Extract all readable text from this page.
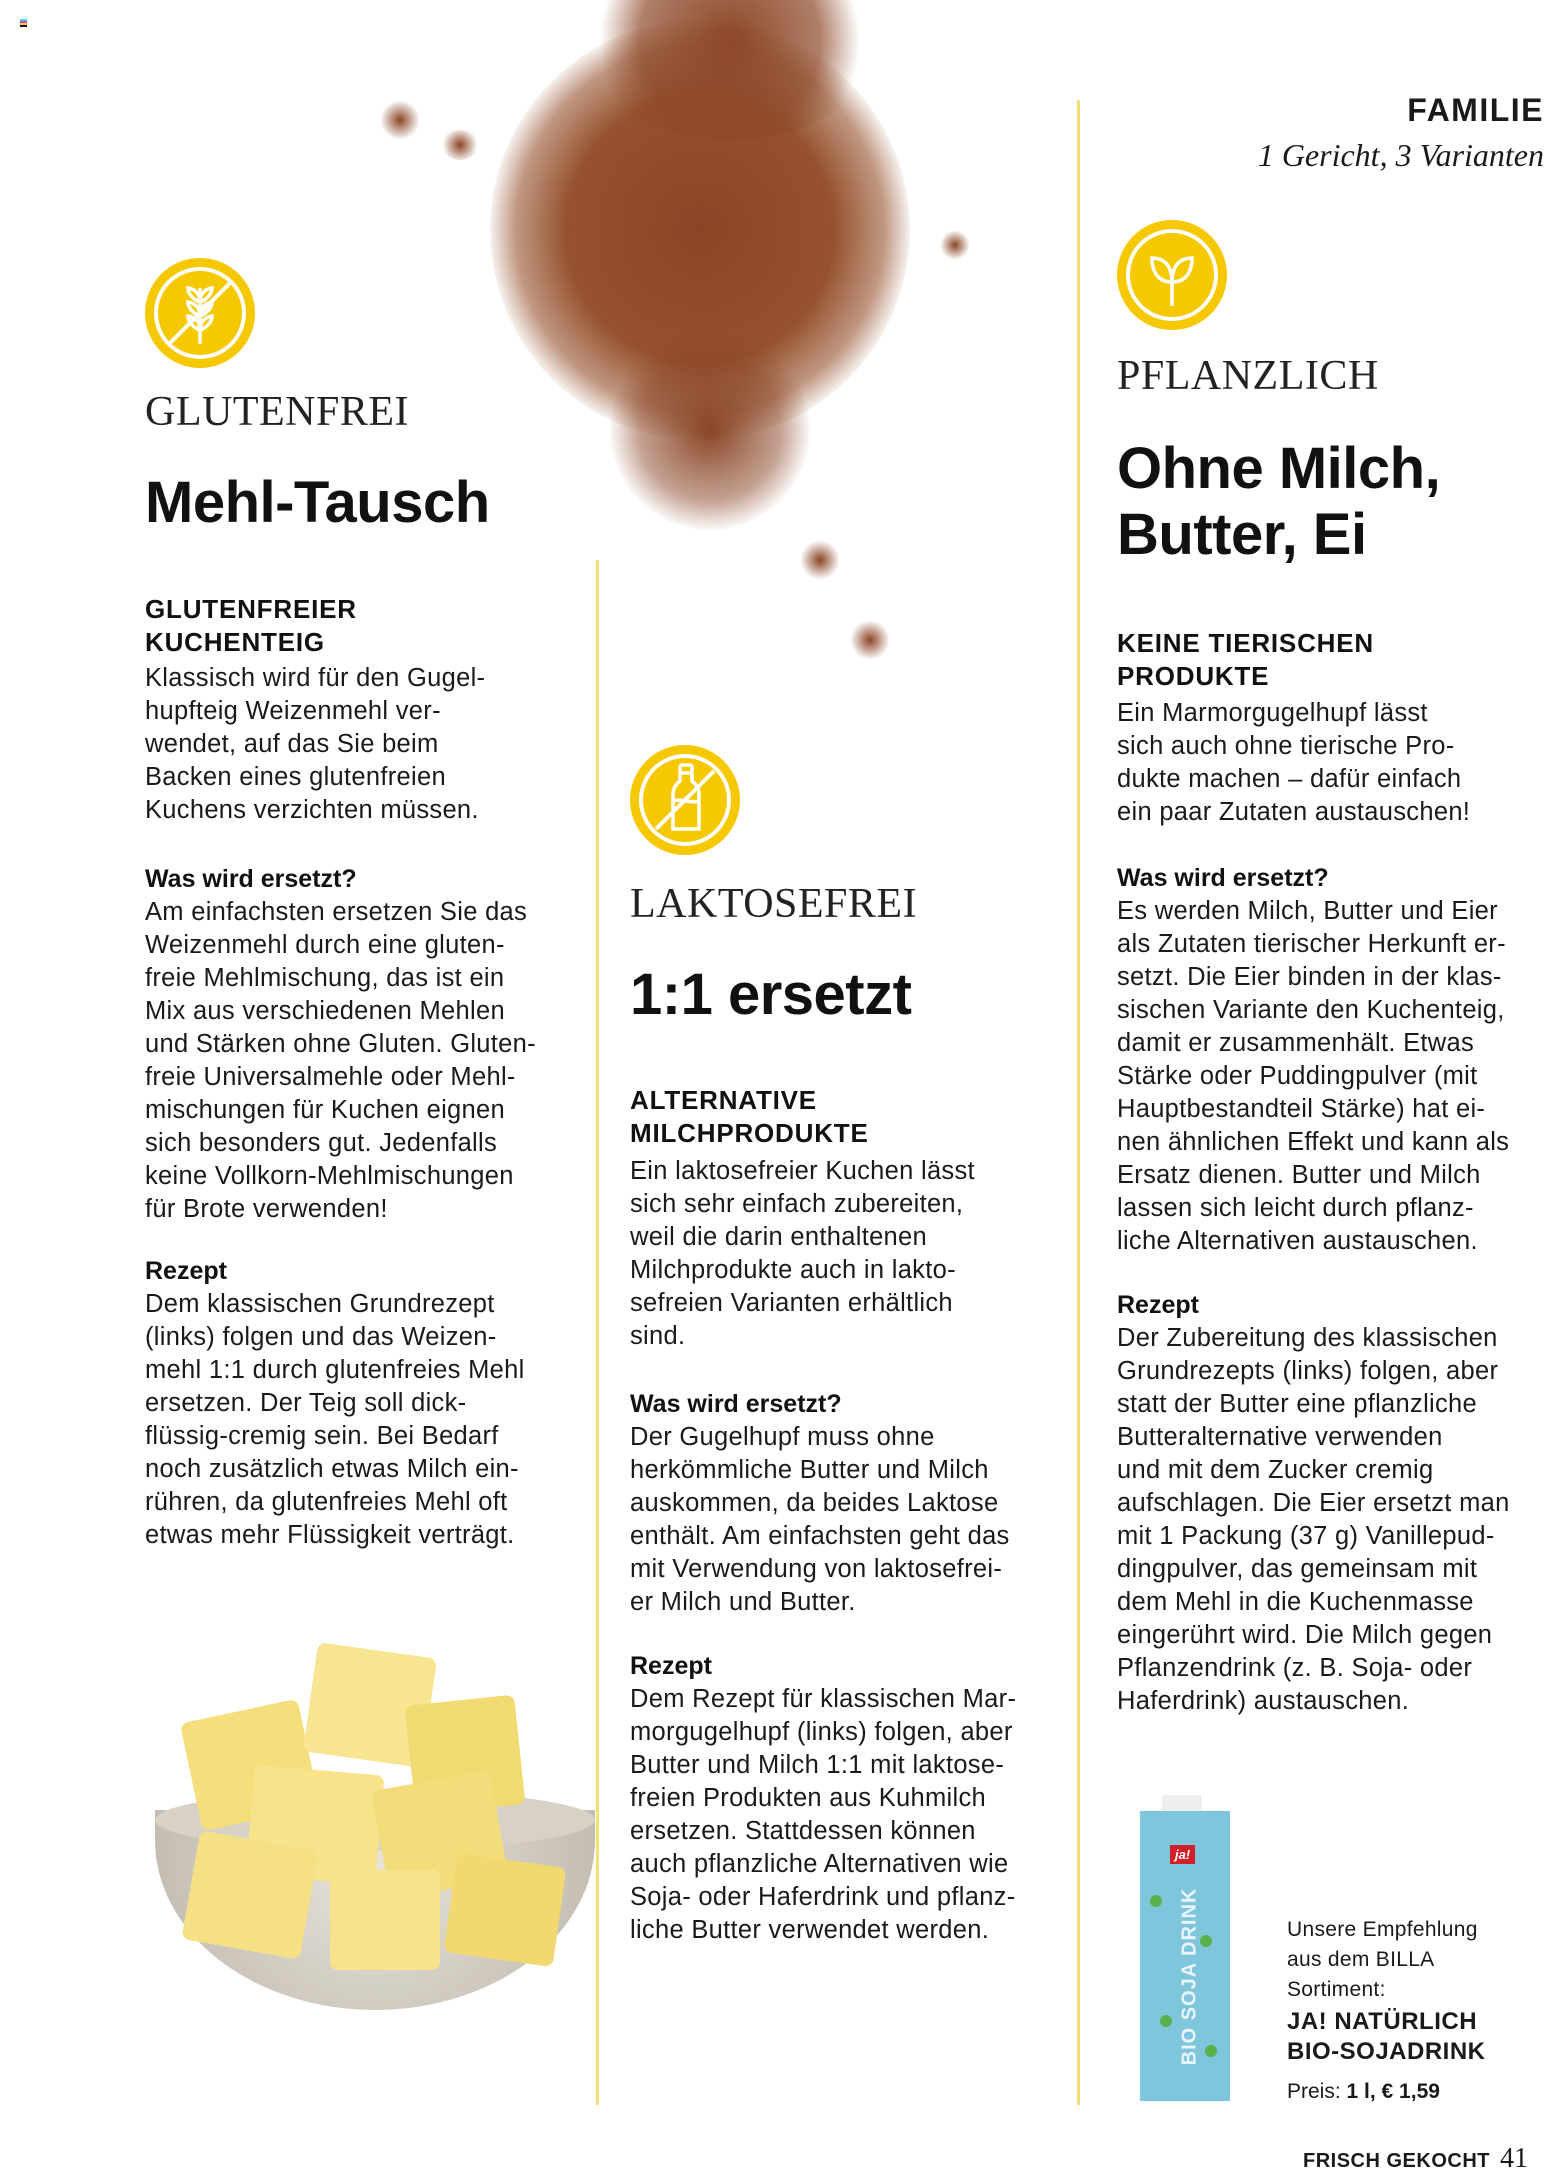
FAMILIE
1 Gericht, 3 Varianten
GLUTENFREI
Mehl-Tausch
GLUTENFREIER
KUCHENTEIG
Klassisch wird für den Gugel-
hupfteig Weizenmehl ver-
wendet, auf das Sie beim
Backen eines glutenfreien
Kuchens verzichten müssen.
Was wird ersetzt?
Am einfachsten ersetzen Sie das
Weizenmehl durch eine gluten-
freie Mehlmischung, das ist ein
Mix aus verschiedenen Mehlen
und Stärken ohne Gluten. Gluten-
freie Universalmehle oder Mehl-
mischungen für Kuchen eignen
sich besonders gut. Jedenfalls
keine Vollkorn-Mehlmischungen
für Brote verwenden!
Rezept
Dem klassischen Grundrezept
(links) folgen und das Weizen-
mehl 1:1 durch glutenfreies Mehl
ersetzen. Der Teig soll dick-
flüssig-cremig sein. Bei Bedarf
noch zusätzlich etwas Milch ein-
rühren, da glutenfreies Mehl oft
etwas mehr Flüssigkeit verträgt.
LAKTOSEFREI
1:1 ersetzt
ALTERNATIVE
MILCHPRODUKTE
Ein laktosefreier Kuchen lässt
sich sehr einfach zubereiten,
weil die darin enthaltenen
Milchprodukte auch in lakto-
sefreien Varianten erhältlich
sind.
Was wird ersetzt?
Der Gugelhupf muss ohne
herkömmliche Butter und Milch
auskommen, da beides Laktose
enthält. Am einfachsten geht das
mit Verwendung von laktosefrei-
er Milch und Butter.
Rezept
Dem Rezept für klassischen Mar-
morgugelhupf (links) folgen, aber
Butter und Milch 1:1 mit laktose-
freien Produkten aus Kuhmilch
ersetzen. Stattdessen können
auch pflanzliche Alternativen wie
Soja- oder Haferdrink und pflanz-
liche Butter verwendet werden.
PFLANZLICH
Ohne Milch,
Butter, Ei
KEINE TIERISCHEN
PRODUKTE
Ein Marmorgugelhupf lässt
sich auch ohne tierische Pro-
dukte machen – dafür einfach
ein paar Zutaten austauschen!
Was wird ersetzt?
Es werden Milch, Butter und Eier
als Zutaten tierischer Herkunft er-
setzt. Die Eier binden in der klas-
sischen Variante den Kuchenteig,
damit er zusammenhält. Etwas
Stärke oder Puddingpulver (mit
Hauptbestandteil Stärke) hat ei-
nen ähnlichen Effekt und kann als
Ersatz dienen. Butter und Milch
lassen sich leicht durch pflanz-
liche Alternativen austauschen.
Rezept
Der Zubereitung des klassischen
Grundrezepts (links) folgen, aber
statt der Butter eine pflanzliche
Butteralternative verwenden
und mit dem Zucker cremig
aufschlagen. Die Eier ersetzt man
mit 1 Packung (37 g) Vanillepud-
dingpulver, das gemeinsam mit
dem Mehl in die Kuchenmasse
eingerührt wird. Die Milch gegen
Pflanzendrink (z. B. Soja- oder
Haferdrink) austauschen.
ja!
BIO SOJA DRINK	Unsere Empfehlung
aus dem BILLA
Sortiment:
JA! NATÜRLICH
BIO-SOJADRINK
Preis: 1 l, € 1,59
FRISCH GEKOCHT 41
